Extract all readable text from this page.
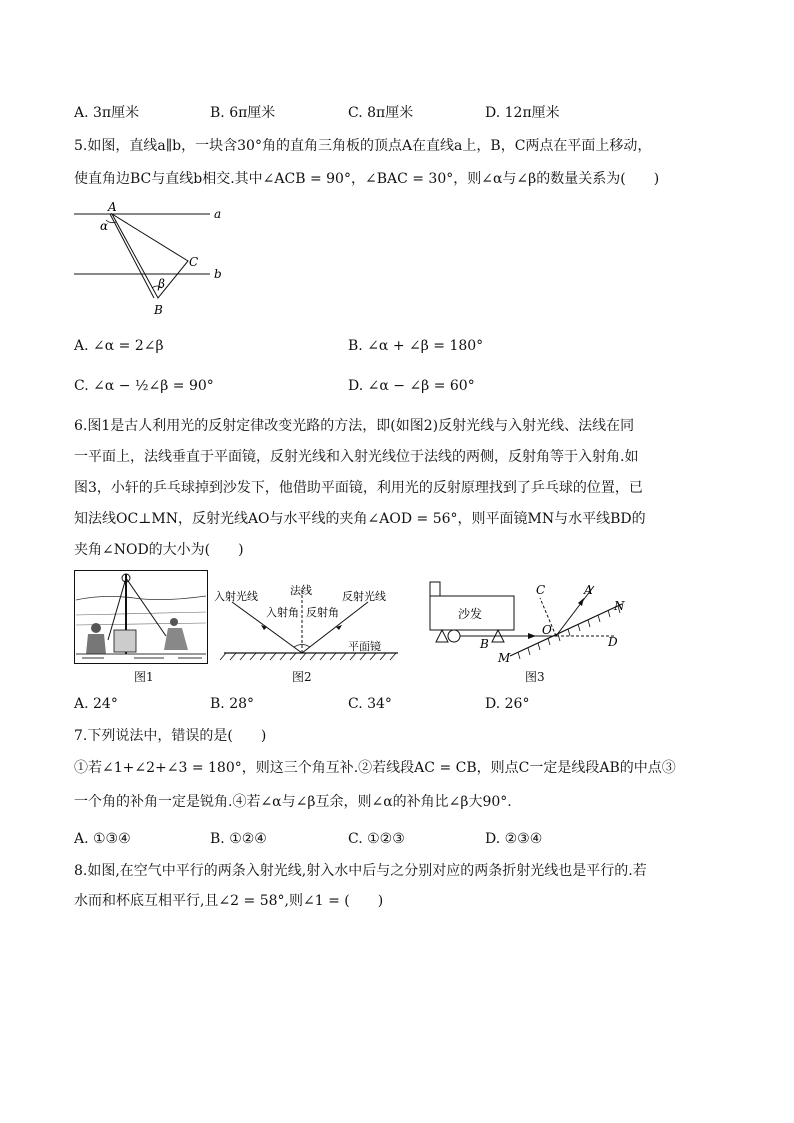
A. 3π厘米	B. 6π厘米	C. 8π厘米	D. 12π厘米
5.如图，直线a∥b，一块含30°角的直角三角板的顶点A在直线a上，B，C两点在平面上移动，
使直角边BC与直线b相交.其中∠ACB = 90°，∠BAC = 30°，则∠α与∠β的数量关系为(　　)
A	a
α
C
b
β
B
A. ∠α = 2∠β	B. ∠α + ∠β = 180°
C. ∠α − ½∠β = 90°	D. ∠α − ∠β = 60°
6.图1是古人利用光的反射定律改变光路的方法，即(如图2)反射光线与入射光线、法线在同
一平面上，法线垂直于平面镜，反射光线和入射光线位于法线的两侧，反射角等于入射角.如
图3，小轩的乒乓球掉到沙发下，他借助平面镜，利用光的反射原理找到了乒乓球的位置，已
知法线OC⊥MN，反射光线AO与水平线的夹角∠AOD = 56°，则平面镜MN与水平线BD的
夹角∠NOD的大小为(　　)
图1
入射光线	法线	反射光线
入射角 反射角
平面镜
图2
沙发
C	A
N
O
B	D
M
图3
A. 24°	B. 28°	C. 34°	D. 26°
7.下列说法中，错误的是(　　)
①若∠1+∠2+∠3 = 180°，则这三个角互补.②若线段AC = CB，则点C一定是线段AB的中点③
一个角的补角一定是锐角.④若∠α与∠β互余，则∠α的补角比∠β大90°.
A. ①③④	B. ①②④	C. ①②③	D. ②③④
8.如图,在空气中平行的两条入射光线,射入水中后与之分别对应的两条折射光线也是平行的.若
水而和杯底互相平行,且∠2 = 58°,则∠1 = (　　)
